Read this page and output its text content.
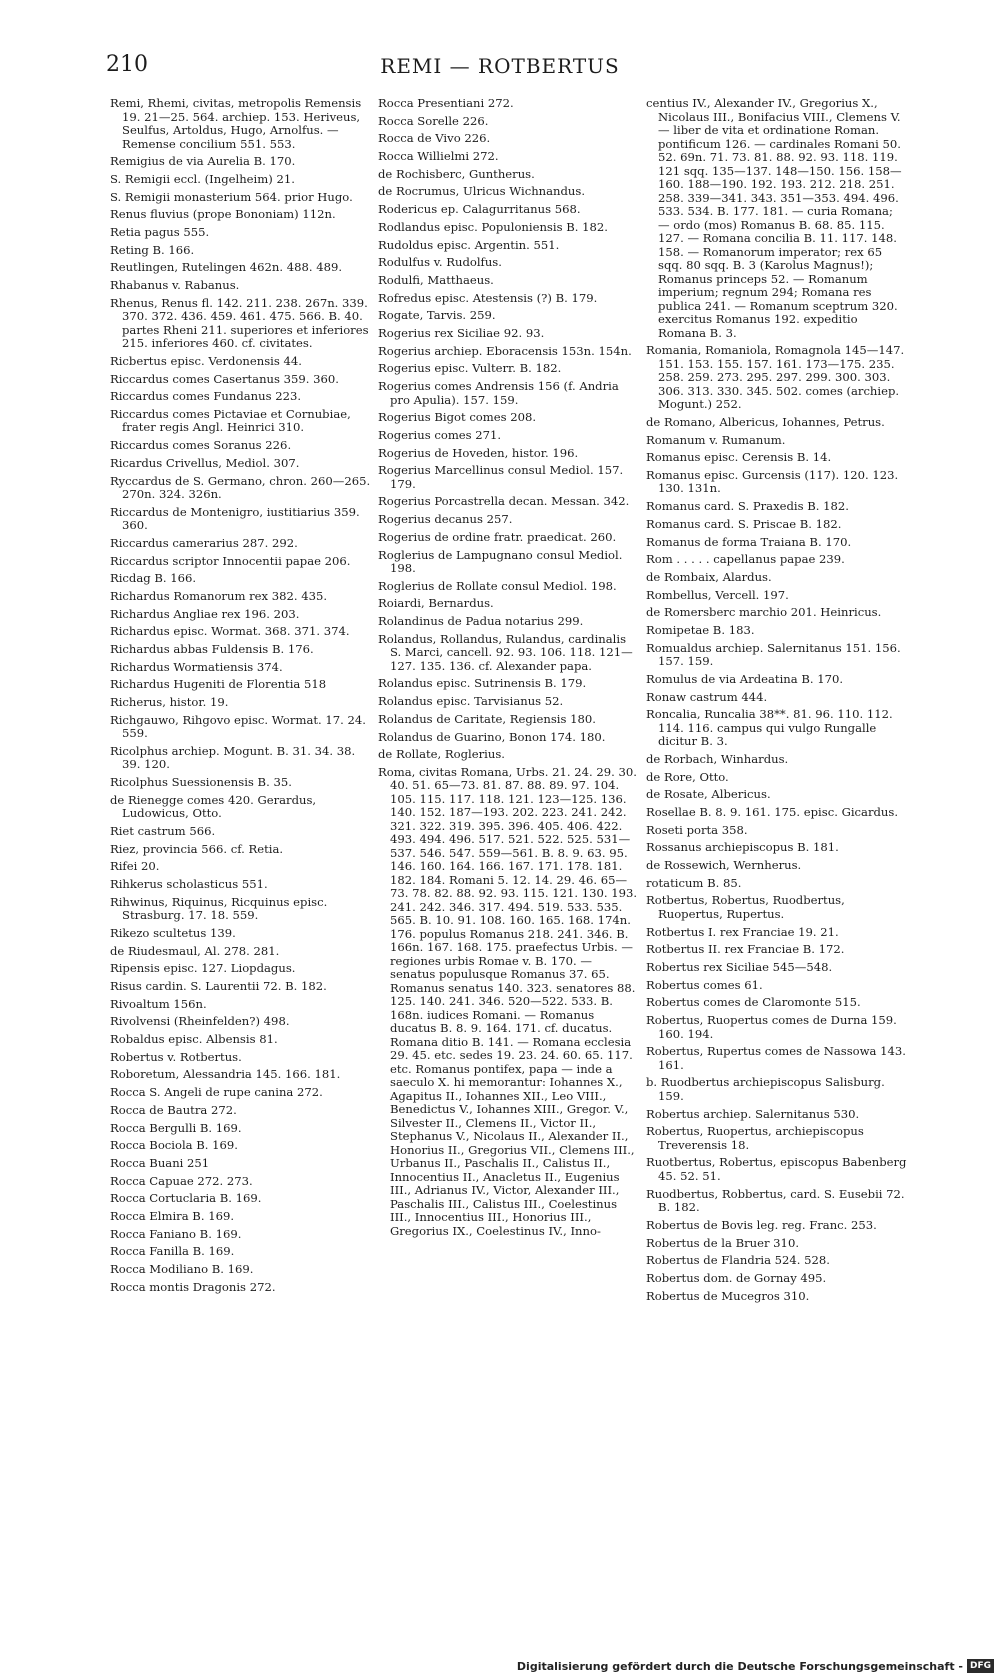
210	REMI — ROTBERTUS
Remi, Rhemi, civitas, metropolis Remensis 19. 21—25. 564. archiep. 153. Heriveus, Seulfus, Artoldus, Hugo, Arnolfus. — Remense concilium 551. 553.
Remigius de via Aurelia B. 170.
S. Remigii eccl. (Ingelheim) 21.
S. Remigii monasterium 564. prior Hugo.
Renus fluvius (prope Bononiam) 112n.
Retia pagus 555.
Reting B. 166.
Reutlingen, Rutelingen 462n. 488. 489.
Rhabanus v. Rabanus.
Rhenus, Renus fl. 142. 211. 238. 267n. 339. 370. 372. 436. 459. 461. 475. 566. B. 40. partes Rheni 211. superiores et inferiores 215. inferiores 460. cf. civitates.
Ricbertus episc. Verdonensis 44.
Riccardus comes Casertanus 359. 360.
Riccardus comes Fundanus 223.
Riccardus comes Pictaviae et Cornubiae, frater regis Angl. Heinrici 310.
Riccardus comes Soranus 226.
Ricardus Crivellus, Mediol. 307.
Ryccardus de S. Germano, chron. 260—265. 270n. 324. 326n.
Riccardus de Montenigro, iustitiarius 359. 360.
Riccardus camerarius 287. 292.
Riccardus scriptor Innocentii papae 206.
Ricdag B. 166.
Richardus Romanorum rex 382. 435.
Richardus Angliae rex 196. 203.
Richardus episc. Wormat. 368. 371. 374.
Richardus abbas Fuldensis B. 176.
Richardus Wormatiensis 374.
Richardus Hugeniti de Florentia 518
Richerus, histor. 19.
Richgauwo, Rihgovo episc. Wormat. 17. 24. 559.
Ricolphus archiep. Mogunt. B. 31. 34. 38. 39. 120.
Ricolphus Suessionensis B. 35.
de Rienegge comes 420. Gerardus, Ludowicus, Otto.
Riet castrum 566.
Riez, provincia 566. cf. Retia.
Rifei 20.
Rihkerus scholasticus 551.
Rihwinus, Riquinus, Ricquinus episc. Strasburg. 17. 18. 559.
Rikezo scultetus 139.
de Riudesmaul, Al. 278. 281.
Ripensis episc. 127. Liopdagus.
Risus cardin. S. Laurentii 72. B. 182.
Rivoaltum 156n.
Rivolvensi (Rheinfelden?) 498.
Robaldus episc. Albensis 81.
Robertus v. Rotbertus.
Roboretum, Alessandria 145. 166. 181.
Rocca S. Angeli de rupe canina 272.
Rocca de Bautra 272.
Rocca Bergulli B. 169.
Rocca Bociola B. 169.
Rocca Buani 251
Rocca Capuae 272. 273.
Rocca Cortuclaria B. 169.
Rocca Elmira B. 169.
Rocca Faniano B. 169.
Rocca Fanilla B. 169.
Rocca Modiliano B. 169.
Rocca montis Dragonis 272.
Rocca Presentiani 272.
Rocca Sorelle 226.
Rocca de Vivo 226.
Rocca Willielmi 272.
de Rochisberc, Guntherus.
de Rocrumus, Ulricus Wichnandus.
Rodericus ep. Calagurritanus 568.
Rodlandus episc. Populoniensis B. 182.
Rudoldus episc. Argentin. 551.
Rodulfus v. Rudolfus.
Rodulfi, Matthaeus.
Rofredus episc. Atestensis (?) B. 179.
Rogate, Tarvis. 259.
Rogerius rex Siciliae 92. 93.
Rogerius archiep. Eboracensis 153n. 154n.
Rogerius episc. Vulterr. B. 182.
Rogerius comes Andrensis 156 (f. Andria pro Apulia). 157. 159.
Rogerius Bigot comes 208.
Rogerius comes 271.
Rogerius de Hoveden, histor. 196.
Rogerius Marcellinus consul Mediol. 157. 179.
Rogerius Porcastrella decan. Messan. 342.
Rogerius decanus 257.
Rogerius de ordine fratr. praedicat. 260.
Roglerius de Lampugnano consul Mediol. 198.
Roglerius de Rollate consul Mediol. 198.
Roiardi, Bernardus.
Rolandinus de Padua notarius 299.
Rolandus, Rollandus, Rulandus, cardinalis S. Marci, cancell. 92. 93. 106. 118. 121—127. 135. 136. cf. Alexander papa.
Rolandus episc. Sutrinensis B. 179.
Rolandus episc. Tarvisianus 52.
Rolandus de Caritate, Regiensis 180.
Rolandus de Guarino, Bonon 174. 180.
de Rollate, Roglerius.
Roma, civitas Romana, Urbs. 21. 24. 29. 30. 40. 51. 65—73. 81. 87. 88. 89. 97. 104. 105. 115. 117. 118. 121. 123—125. 136. 140. 152. 187—193. 202. 223. 241. 242. 321. 322. 319. 395. 396. 405. 406. 422. 493. 494. 496. 517. 521. 522. 525. 531—537. 546. 547. 559—561. B. 8. 9. 63. 95. 146. 160. 164. 166. 167. 171. 178. 181. 182. 184. Romani 5. 12. 14. 29. 46. 65—73. 78. 82. 88. 92. 93. 115. 121. 130. 193. 241. 242. 346. 317. 494. 519. 533. 535. 565. B. 10. 91. 108. 160. 165. 168. 174n. 176. populus Romanus 218. 241. 346. B. 166n. 167. 168. 175. praefectus Urbis. — regiones urbis Romae v. B. 170. — senatus populusque Romanus 37. 65. Romanus senatus 140. 323. senatores 88. 125. 140. 241. 346. 520—522. 533. B. 168n. iudices Romani. — Romanus ducatus B. 8. 9. 164. 171. cf. ducatus. Romana ditio B. 141. — Romana ecclesia 29. 45. etc. sedes 19. 23. 24. 60. 65. 117. etc. Romanus pontifex, papa — inde a saeculo X. hi memorantur: Iohannes X., Agapitus II., Iohannes XII., Leo VIII., Benedictus V., Iohannes XIII., Gregor. V., Silvester II., Clemens II., Victor II., Stephanus V., Nicolaus II., Alexander II., Honorius II., Gregorius VII., Clemens III., Urbanus II., Paschalis II., Calistus II., Innocentius II., Anacletus II., Eugenius III., Adrianus IV., Victor, Alexander III., Paschalis III., Calistus III., Coelestinus III., Innocentius III., Honorius III., Gregorius IX., Coelestinus IV., Inno-
centius IV., Alexander IV., Gregorius X., Nicolaus III., Bonifacius VIII., Clemens V. — liber de vita et ordinatione Roman. pontificum 126. — cardinales Romani 50. 52. 69n. 71. 73. 81. 88. 92. 93. 118. 119. 121 sqq. 135—137. 148—150. 156. 158—160. 188—190. 192. 193. 212. 218. 251. 258. 339—341. 343. 351—353. 494. 496. 533. 534. B. 177. 181. — curia Romana; — ordo (mos) Romanus B. 68. 85. 115. 127. — Romana concilia B. 11. 117. 148. 158. — Romanorum imperator; rex 65 sqq. 80 sqq. B. 3 (Karolus Magnus!); Romanus princeps 52. — Romanum imperium; regnum 294; Romana res publica 241. — Romanum sceptrum 320. exercitus Romanus 192. expeditio Romana B. 3.
Romania, Romaniola, Romagnola 145—147. 151. 153. 155. 157. 161. 173—175. 235. 258. 259. 273. 295. 297. 299. 300. 303. 306. 313. 330. 345. 502. comes (archiep. Mogunt.) 252.
de Romano, Albericus, Iohannes, Petrus.
Romanum v. Rumanum.
Romanus episc. Cerensis B. 14.
Romanus episc. Gurcensis (117). 120. 123. 130. 131n.
Romanus card. S. Praxedis B. 182.
Romanus card. S. Priscae B. 182.
Romanus de forma Traiana B. 170.
Rom . . . . . capellanus papae 239.
de Rombaix, Alardus.
Rombellus, Vercell. 197.
de Romersberc marchio 201. Heinricus.
Romipetae B. 183.
Romualdus archiep. Salernitanus 151. 156. 157. 159.
Romulus de via Ardeatina B. 170.
Ronaw castrum 444.
Roncalia, Runcalia 38**. 81. 96. 110. 112. 114. 116. campus qui vulgo Rungalle dicitur B. 3.
de Rorbach, Winhardus.
de Rore, Otto.
de Rosate, Albericus.
Rosellae B. 8. 9. 161. 175. episc. Gicardus.
Roseti porta 358.
Rossanus archiepiscopus B. 181.
de Rossewich, Wernherus.
rotaticum B. 85.
Rotbertus, Robertus, Ruodbertus, Ruopertus, Rupertus.
Rotbertus I. rex Franciae 19. 21.
Rotbertus II. rex Franciae B. 172.
Robertus rex Siciliae 545—548.
Robertus comes 61.
Robertus comes de Claromonte 515.
Robertus, Ruopertus comes de Durna 159. 160. 194.
Robertus, Rupertus comes de Nassowa 143. 161.
b. Ruodbertus archiepiscopus Salisburg. 159.
Robertus archiep. Salernitanus 530.
Robertus, Ruopertus, archiepiscopus Treverensis 18.
Ruotbertus, Robertus, episcopus Babenberg 45. 52. 51.
Ruodbertus, Robbertus, card. S. Eusebii 72. B. 182.
Robertus de Bovis leg. reg. Franc. 253.
Robertus de la Bruer 310.
Robertus de Flandria 524. 528.
Robertus dom. de Gornay 495.
Robertus de Mucegros 310.
Digitalisierung gefördert durch die Deutsche Forschungsgemeinschaft - DFG
